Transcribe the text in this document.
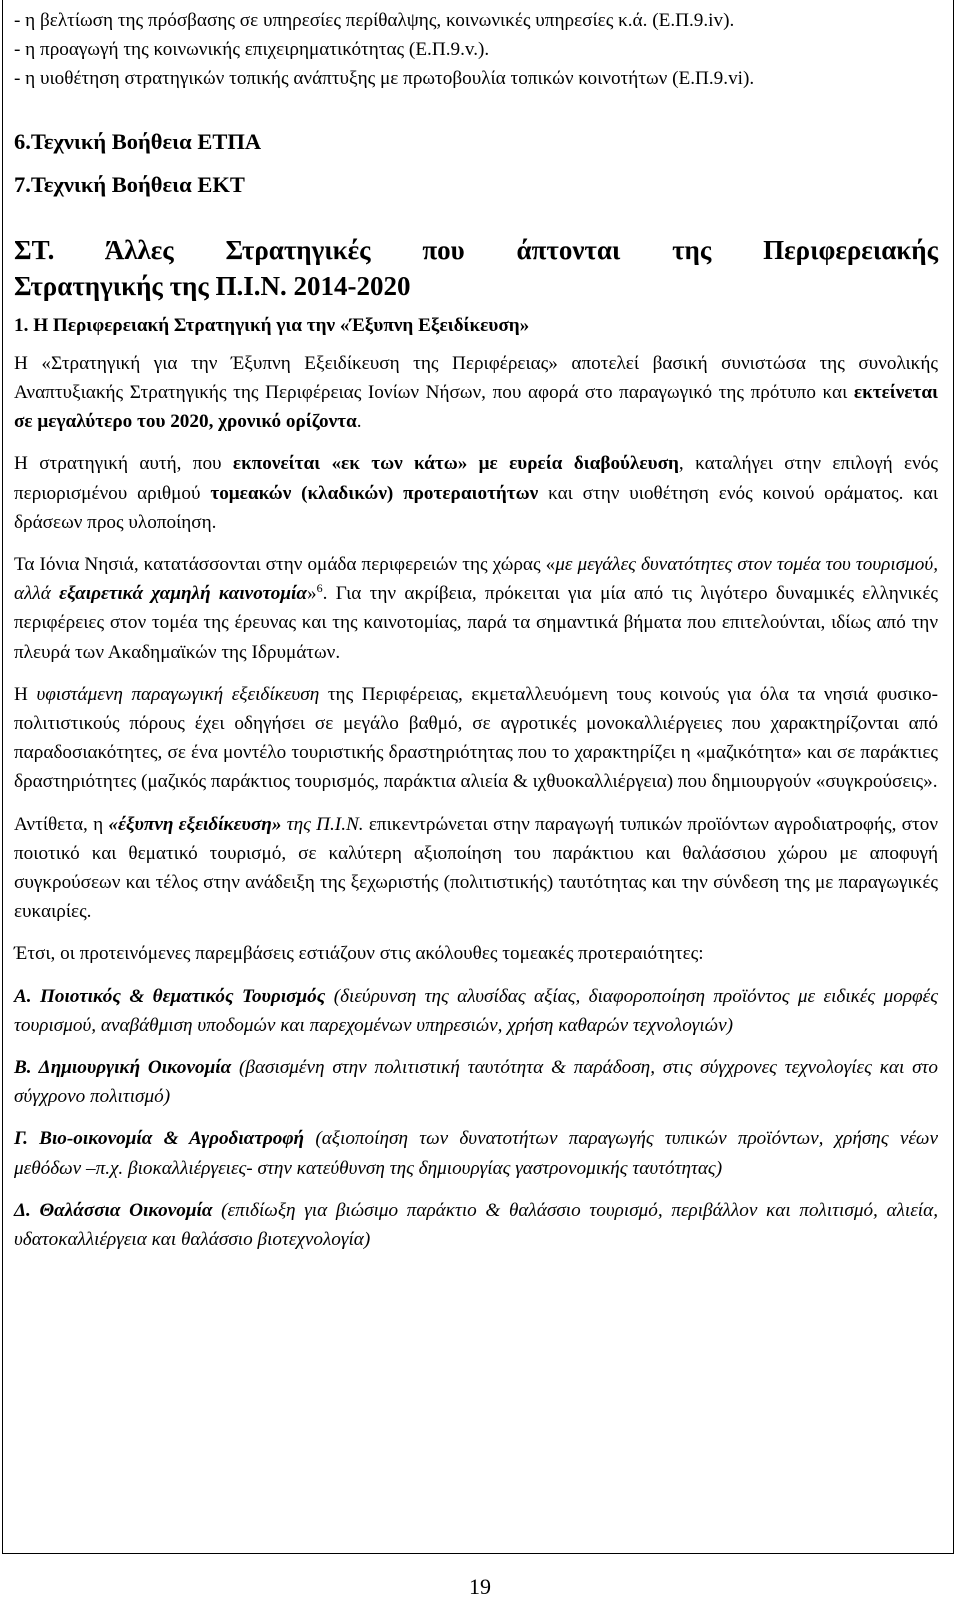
- η βελτίωση της πρόσβασης σε υπηρεσίες περίθαλψης, κοινωνικές υπηρεσίες κ.ά. (Ε.Π.9.iv).

- η προαγωγή της κοινωνικής επιχειρηματικότητας (Ε.Π.9.v.).

- η υιοθέτηση στρατηγικών τοπικής ανάπτυξης με πρωτοβουλία τοπικών κοινοτήτων (Ε.Π.9.vi).

6.Τεχνική Βοήθεια ΕΤΠΑ

7.Τεχνική Βοήθεια ΕΚΤ

ΣΤ. Άλλες Στρατηγικές που άπτονται της Περιφερειακής
Στρατηγικής της Π.Ι.Ν. 2014-2020

1. Η Περιφερειακή Στρατηγική για την «Έξυπνη Εξειδίκευση»

Η «Στρατηγική για την Έξυπνη Εξειδίκευση της Περιφέρειας» αποτελεί βασική συνιστώσα της συνολικής Αναπτυξιακής Στρατηγικής της Περιφέρειας Ιονίων Νήσων, που αφορά στο παραγωγικό της πρότυπο και εκτείνεται σε μεγαλύτερο του 2020, χρονικό ορίζοντα.

Η στρατηγική αυτή, που εκπονείται «εκ των κάτω» με ευρεία διαβούλευση, καταλήγει στην επιλογή ενός περιορισμένου αριθμού τομεακών (κλαδικών) προτεραιοτήτων και στην υιοθέτηση ενός κοινού οράματος. και δράσεων προς υλοποίηση.

Τα Ιόνια Νησιά, κατατάσσονται στην ομάδα περιφερειών της χώρας «με μεγάλες δυνατότητες στον τομέα του τουρισμού, αλλά εξαιρετικά χαμηλή καινοτομία»$^6$. Για την ακρίβεια, πρόκειται για μία από τις λιγότερο δυναμικές ελληνικές περιφέρειες στον τομέα της έρευνας και της καινοτομίας, παρά τα σημαντικά βήματα που επιτελούνται, ιδίως από την πλευρά των Ακαδημαϊκών της Ιδρυμάτων.

Η υφιστάμενη παραγωγική εξειδίκευση της Περιφέρειας, εκμεταλλευόμενη τους κοινούς για όλα τα νησιά φυσικο-πολιτιστικούς πόρους έχει οδηγήσει σε μεγάλο βαθμό, σε αγροτικές μονοκαλλιέργειες που χαρακτηρίζονται από παραδοσιακότητες, σε ένα μοντέλο τουριστικής δραστηριότητας που το χαρακτηρίζει η «μαζικότητα» και σε παράκτιες δραστηριότητες (μαζικός παράκτιος τουρισμός, παράκτια αλιεία & ιχθυοκαλλιέργεια) που δημιουργούν «συγκρούσεις».

Αντίθετα, η «έξυπνη εξειδίκευση» της Π.Ι.Ν. επικεντρώνεται στην παραγωγή τυπικών προϊόντων αγροδιατροφής, στον ποιοτικό και θεματικό τουρισμό, σε καλύτερη αξιοποίηση του παράκτιου και θαλάσσιου χώρου με αποφυγή συγκρούσεων και τέλος στην ανάδειξη της ξεχωριστής (πολιτιστικής) ταυτότητας και την σύνδεση της με παραγωγικές ευκαιρίες.

Έτσι, οι προτεινόμενες παρεμβάσεις εστιάζουν στις ακόλουθες τομεακές προτεραιότητες:

Α. Ποιοτικός & θεματικός Τουρισμός (διεύρυνση της αλυσίδας αξίας, διαφοροποίηση προϊόντος με ειδικές μορφές τουρισμού, αναβάθμιση υποδομών και παρεχομένων υπηρεσιών, χρήση καθαρών τεχνολογιών)

Β. Δημιουργική Οικονομία (βασισμένη στην πολιτιστική ταυτότητα & παράδοση, στις σύγχρονες τεχνολογίες και στο σύγχρονο πολιτισμό)

Γ. Βιο-οικονομία & Αγροδιατροφή (αξιοποίηση των δυνατοτήτων παραγωγής τυπικών προϊόντων, χρήσης νέων μεθόδων –π.χ. βιοκαλλιέργειες- στην κατεύθυνση της δημιουργίας γαστρονομικής ταυτότητας)

Δ. Θαλάσσια Οικονομία (επιδίωξη για βιώσιμο παράκτιο & θαλάσσιο τουρισμό, περιβάλλον και πολιτισμό, αλιεία, υδατοκαλλιέργεια και θαλάσσιο βιοτεχνολογία)

19
